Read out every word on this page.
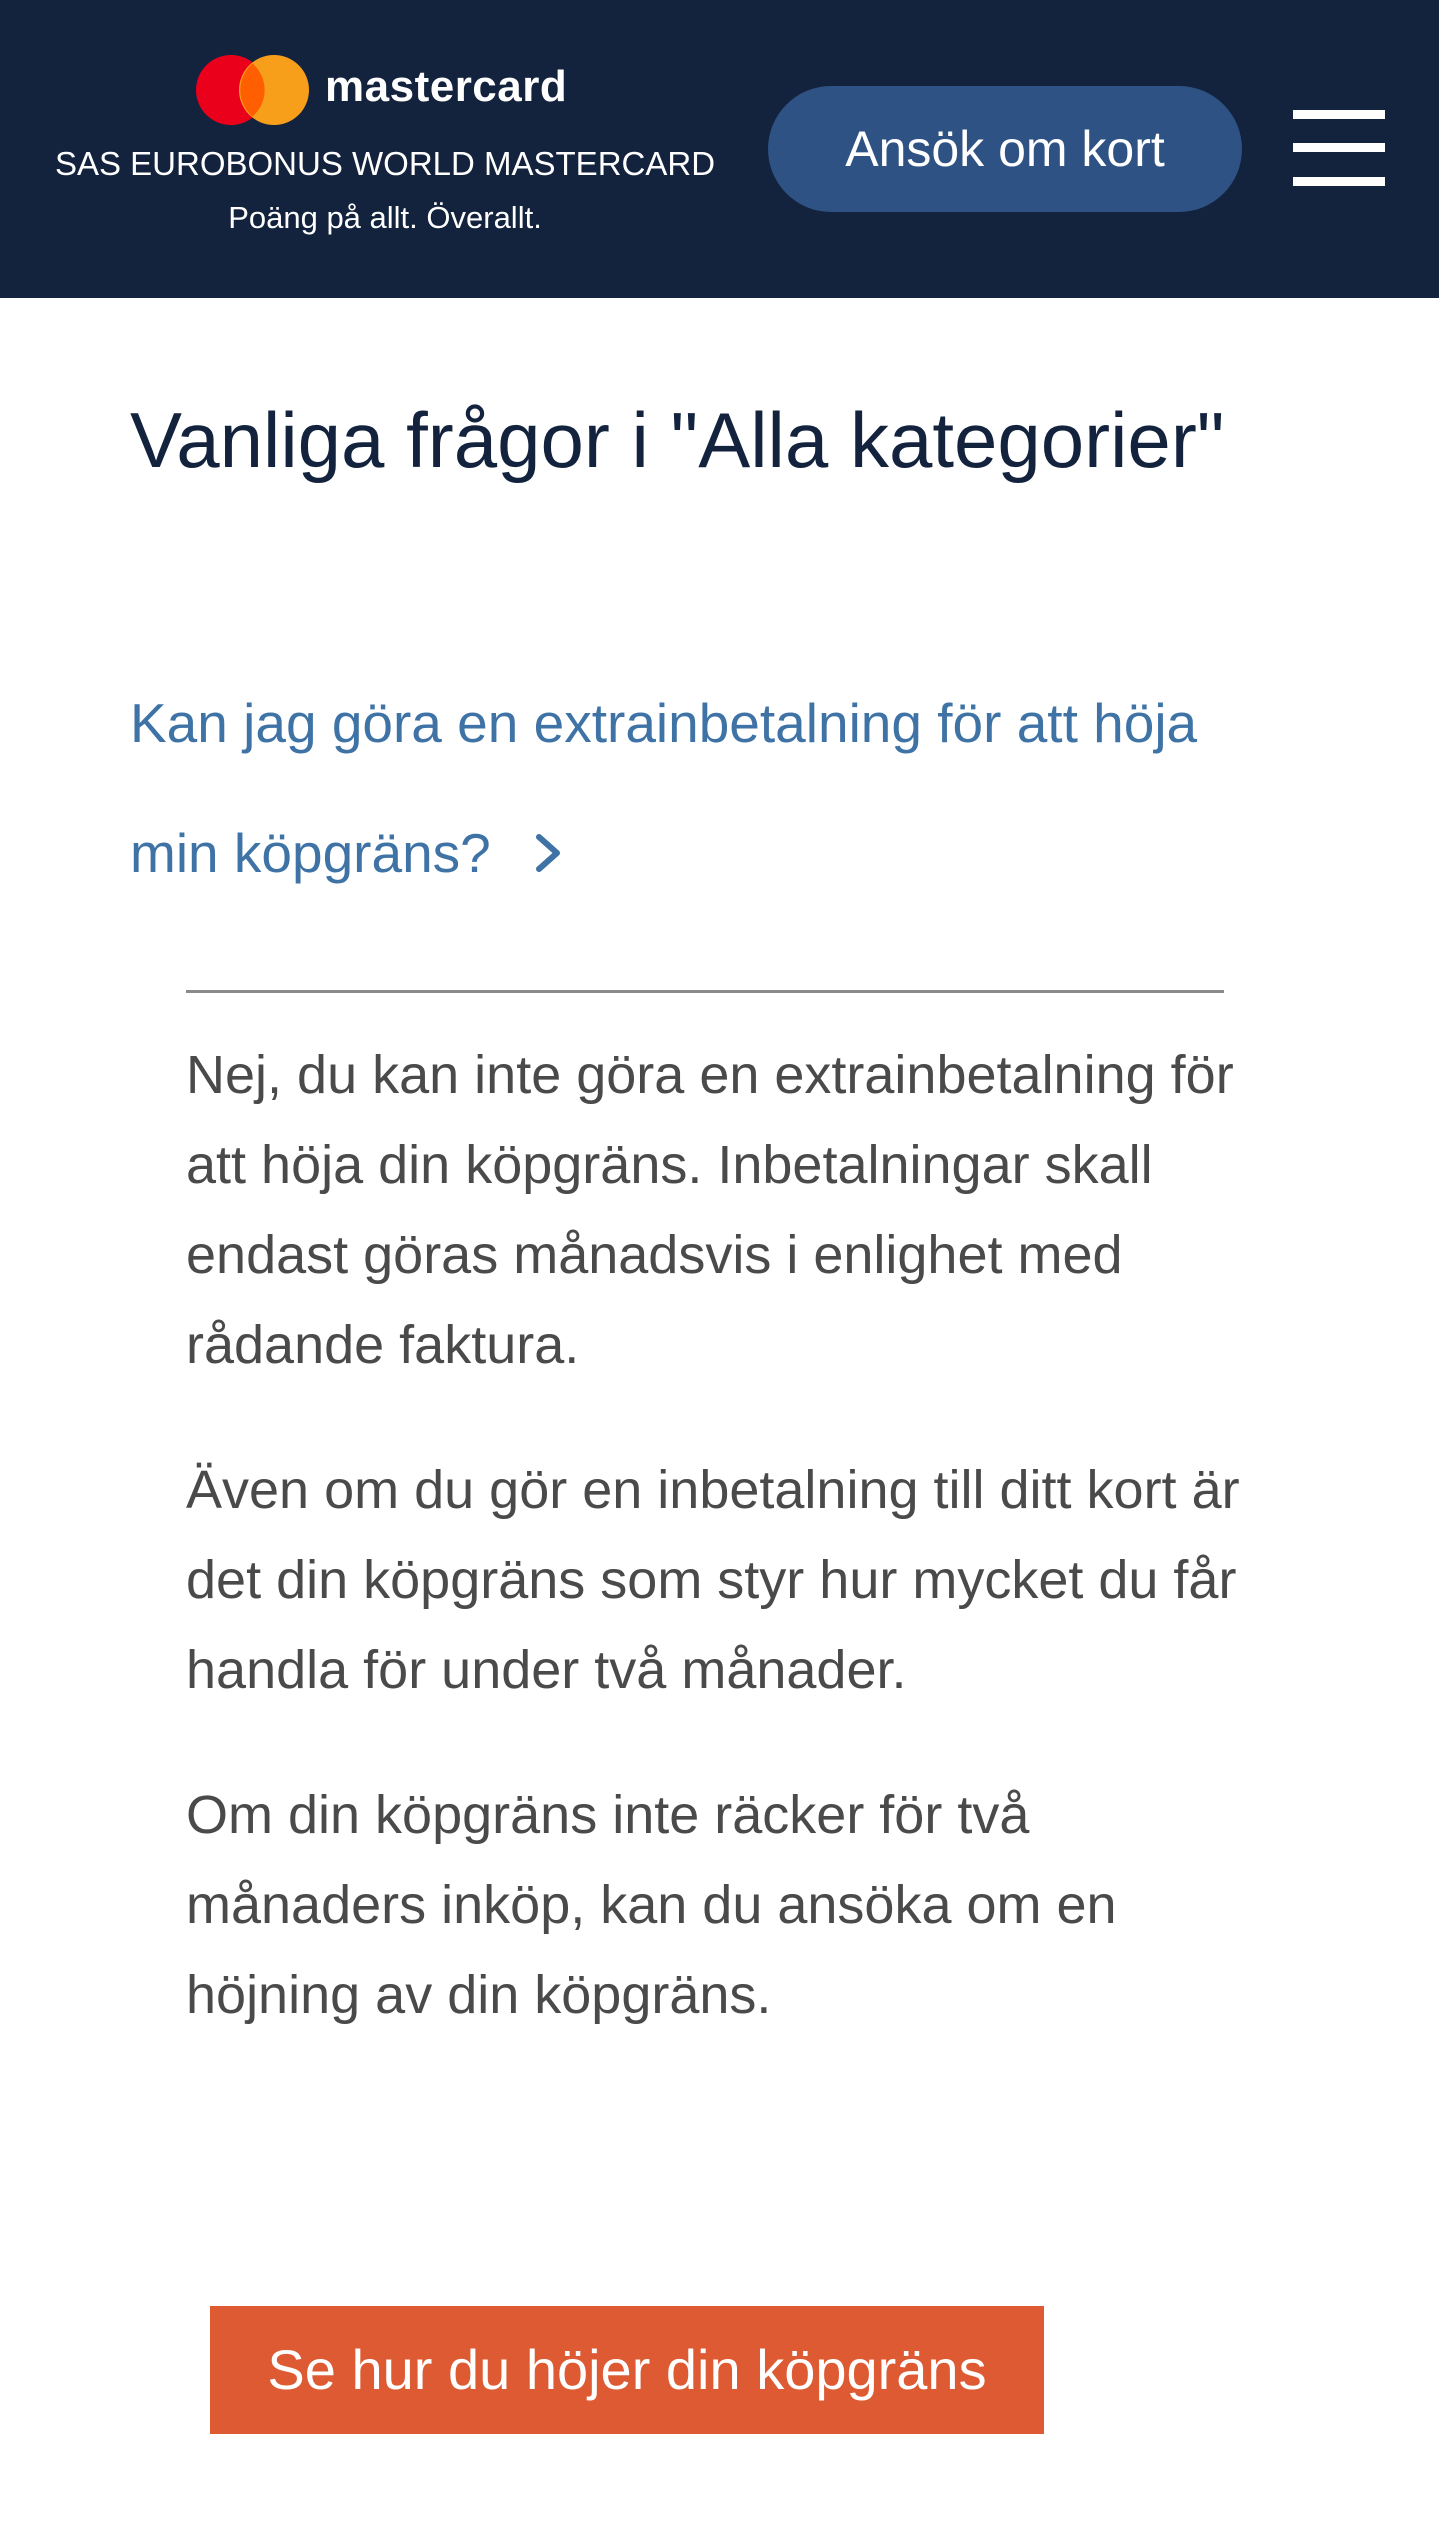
mastercard
SAS EUROBONUS WORLD MASTERCARD
Poäng på allt. Överallt.
Ansök om kort
Vanliga frågor i "Alla kategorier"
Kan jag göra en extrainbetalning för att höja min köpgräns?

Nej, du kan inte göra en extrainbetalning för att höja din köpgräns. Inbetalningar skall endast göras månadsvis i enlighet med rådande faktura.

Även om du gör en inbetalning till ditt kort är det din köpgräns som styr hur mycket du får handla för under två månader.

Om din köpgräns inte räcker för två månaders inköp, kan du ansöka om en höjning av din köpgräns.

Se hur du höjer din köpgräns
